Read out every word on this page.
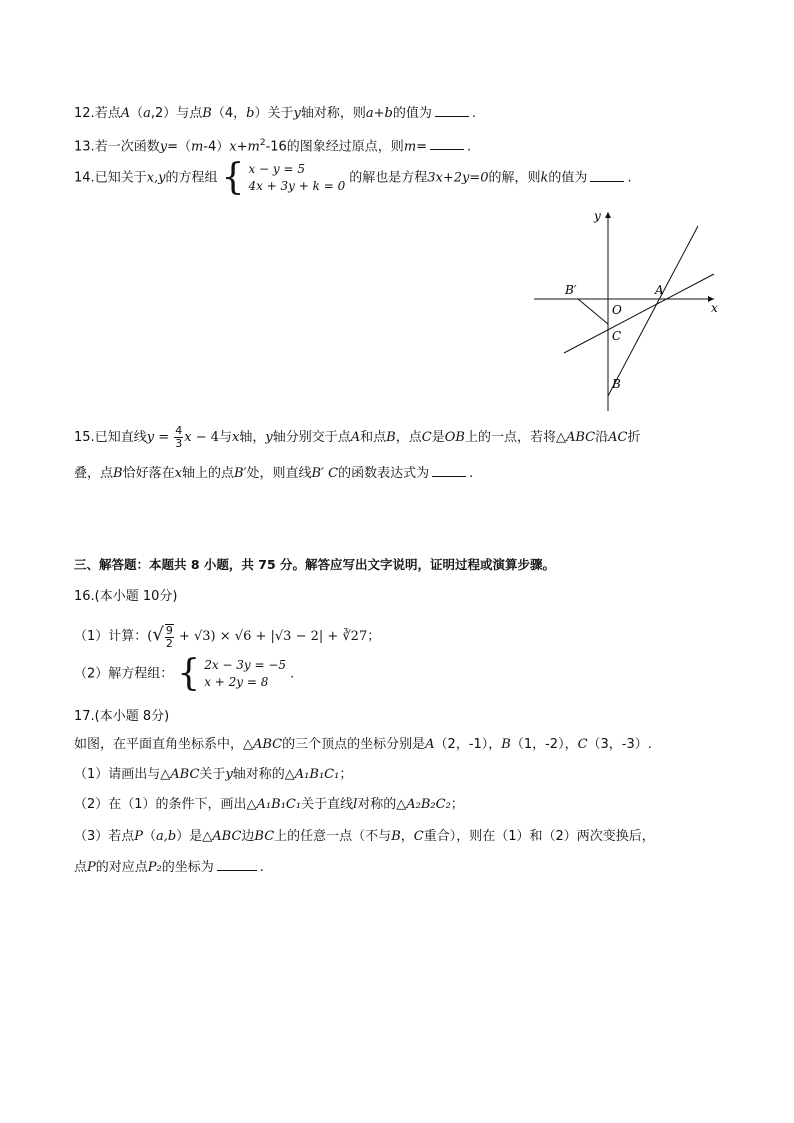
12.若点A（a,2）与点B（4，b）关于y轴对称，则a+b的值为	.
13.若一次函数$y=(m-4)x+m^2-16$的图象经过原点，则m=	.
14.已知关于x,y的方程组 { x − y = 5
4x + 3y + k = 0
的解也是方程3x+2y=0的解，则k的值为	.
y
x
B′
O
A
C
B
15.已知直线$y = \frac{4}{3}$ x − 4与x轴，y轴分别交于点A和点B，点C是OB上的一点，若将△ABC沿AC折
叠，点B恰好落在x轴上的点B′处，则直线B′ C的函数表达式为	.
三、解答题：本题共 8 小题，共 75 分。解答应写出文字说明，证明过程或演算步骤。
16.(本小题 10分)
（1）计算：(√ $\frac{9}{2} + √3) \times √6 + |√3 - 2|$ + ∛27；
（2）解方程组： { 2x − 3y = −5
x + 2y = 8
.
17.(本小题 8分)
如图，在平面直角坐标系中，△ABC的三个顶点的坐标分别是A（2，-1），B（1，-2），C（3，-3）.
（1）请画出与△ABC关于y轴对称的△A₁B₁C₁；
（2）在（1）的条件下，画出△A₁B₁C₁关于直线l对称的△A₂B₂C₂；
（3）若点P（a,b）是△ABC边BC上的任意一点（不与B，C重合），则在（1）和（2）两次变换后，
点P的对应点P₂的坐标为	.
